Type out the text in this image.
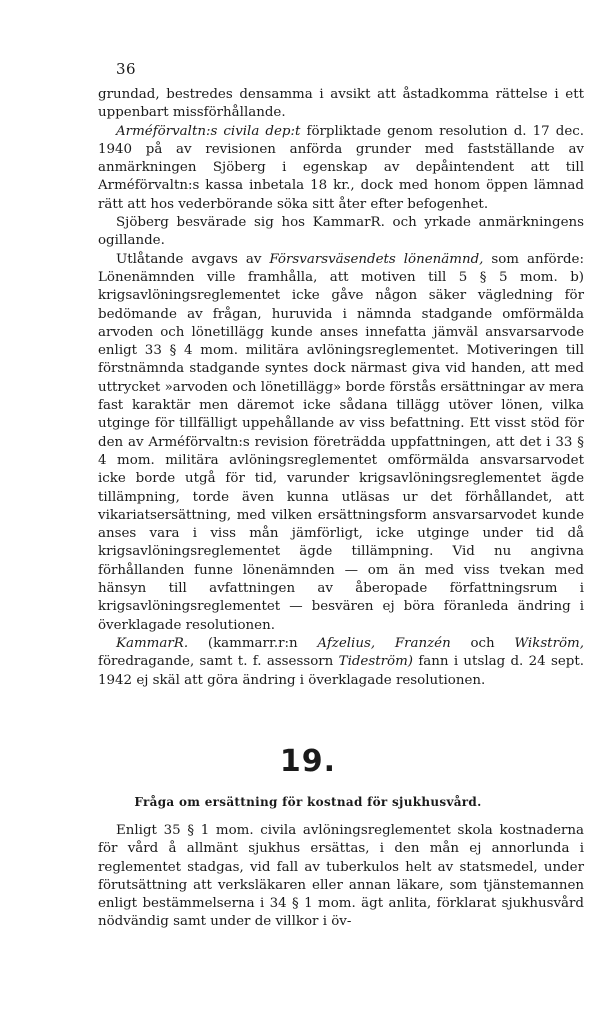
36

grundad, bestredes densamma i avsikt att åstadkomma rättelse i ett uppenbart missförhållande.

Arméförvaltn:s civila dep:t förpliktade genom resolution d. 17 dec. 1940 på av revisionen anförda grunder med fastställande av anmärkningen Sjöberg i egenskap av depåintendent att till Arméförvaltn:s kassa inbetala 18 kr., dock med honom öppen lämnad rätt att hos vederbörande söka sitt åter efter befogenhet.

Sjöberg besvärade sig hos KammarR. och yrkade anmärkningens ogillande.

Utlåtande avgavs av Försvarsväsendets lönenämnd, som anförde: Lönenämnden ville framhålla, att motiven till 5 § 5 mom. b) krigsavlöningsreglementet icke gåve någon säker vägledning för bedömande av frågan, huruvida i nämnda stadgande omförmälda arvoden och lönetillägg kunde anses innefatta jämväl ansvarsarvode enligt 33 § 4 mom. militära avlöningsreglementet. Motiveringen till förstnämnda stadgande syntes dock närmast giva vid handen, att med uttrycket »arvoden och lönetillägg» borde förstås ersättningar av mera fast karaktär men däremot icke sådana tillägg utöver lönen, vilka utginge för tillfälligt uppehållande av viss befattning. Ett visst stöd för den av Arméförvaltn:s revision företrädda uppfattningen, att det i 33 § 4 mom. militära avlöningsreglementet omförmälda ansvarsarvodet icke borde utgå för tid, varunder krigsavlöningsreglementet ägde tillämpning, torde även kunna utläsas ur det förhållandet, att vikariatsersättning, med vilken ersättningsform ansvarsarvodet kunde anses vara i viss mån jämförligt, icke utginge under tid då krigsavlöningsreglementet ägde tillämpning. Vid nu angivna förhållanden funne lönenämnden — om än med viss tvekan med hänsyn till avfattningen av åberopade författningsrum i krigsavlöningsreglementet — besvären ej böra föranleda ändring i överklagade resolutionen.

KammarR. (kammarr.r:n Afzelius, Franzén och Wikström, föredragande, samt t. f. assessorn Tideström) fann i utslag d. 24 sept. 1942 ej skäl att göra ändring i överklagade resolutionen.

19.
Fråga om ersättning för kostnad för sjukhusvård.

Enligt 35 § 1 mom. civila avlöningsreglementet skola kostnaderna för vård å allmänt sjukhus ersättas, i den mån ej annorlunda i reglementet stadgas, vid fall av tuberkulos helt av statsmedel, under förutsättning att verksläkaren eller annan läkare, som tjänstemannen enligt bestämmelserna i 34 § 1 mom. ägt anlita, förklarat sjukhusvård nödvändig samt under de villkor i öv-
